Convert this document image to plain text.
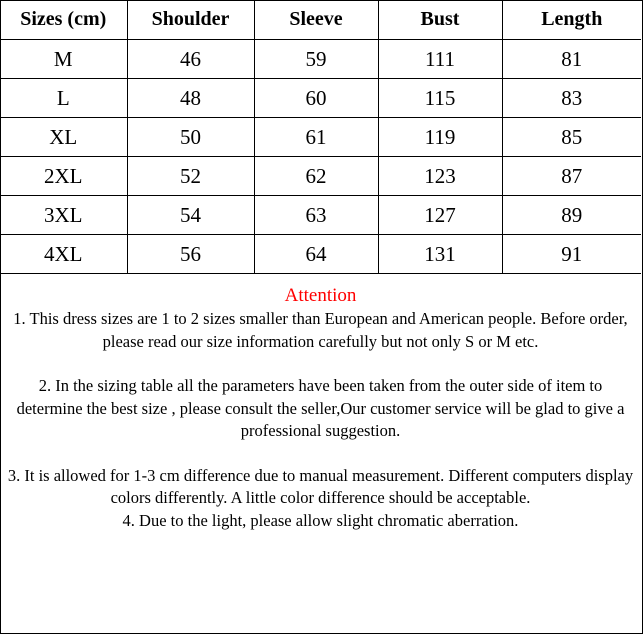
Sizes (cm)	Shoulder	Sleeve	Bust	Length
M	46	59	111	81
L	48	60	115	83
XL	50	61	119	85
2XL	52	62	123	87
3XL	54	63	127	89
4XL	56	64	131	91
Attention

1. This dress sizes are 1 to 2 sizes smaller than European and American people. Before order, please read our size information carefully but not only S or M etc.

2. In the sizing table all the parameters have been taken from the outer side of item to determine the best size , please consult the seller,Our customer service will be glad to give a professional suggestion.

3. It is allowed for 1-3 cm difference due to manual measurement. Different computers display colors differently. A little color difference should be acceptable.

4. Due to the light, please allow slight chromatic aberration.
